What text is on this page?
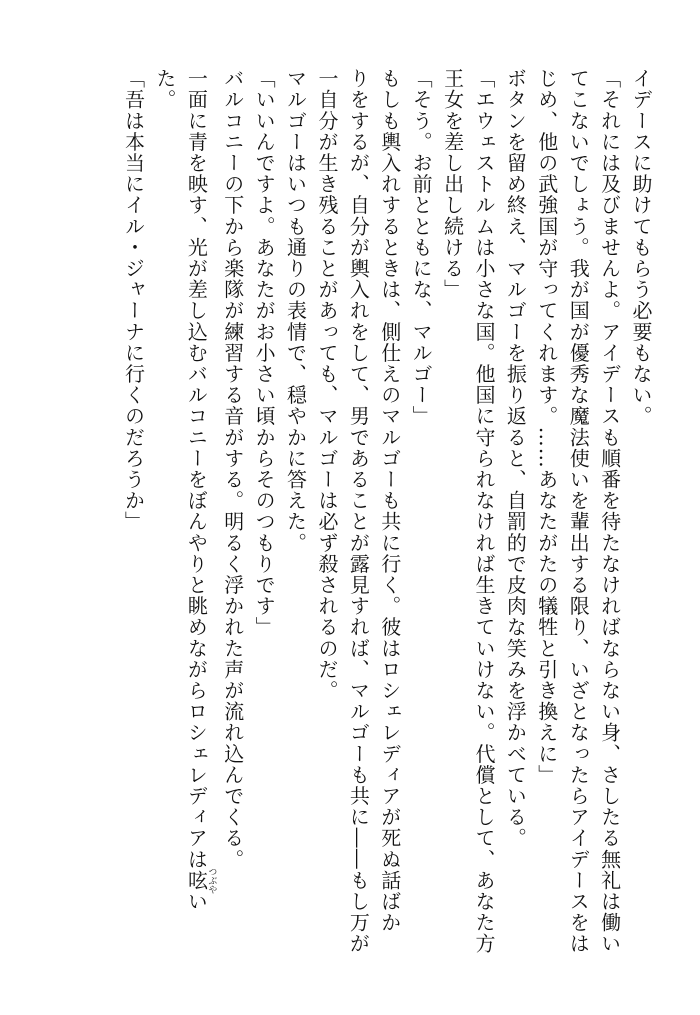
イデースに助けてもらう必要もない。
「それには及びませんよ。アイデースも順番を待たなければならない身、さしたる無礼は働い
てこないでしょう。我が国が優秀な魔法使いを輩出する限り、いざとなったらアイデースをは
じめ、他の武強国が守ってくれます。……あなたがたの犠牲と引き換えに」
ボタンを留め終え、マルゴーを振り返ると、自罰的で皮肉な笑みを浮かべている。
「エウェストルムは小さな国。他国に守られなければ生きていけない。代償として、あなた方
王女を差し出し続ける」
「そう。お前とともにな、マルゴー」
もしも輿入れするときは、側仕えのマルゴーも共に行く。彼はロシェレディアが死ぬ話ばか
りをするが、自分が輿入れをして、男であることが露見すれば、マルゴーも共に――もし万が
一自分が生き残ることがあっても、マルゴーは必ず殺されるのだ。
マルゴーはいつも通りの表情で、穏やかに答えた。
「いいんですよ。あなたがお小さい頃からそのつもりです」
バルコニーの下から楽隊が練習する音がする。明るく浮かれた声が流れ込んでくる。
一面に青を映す、光が差し込むバルコニーをぼんやりと眺めながらロシェレディアは呟つぶやい
た。
「吾は本当にイル・ジャーナに行くのだろうか」
